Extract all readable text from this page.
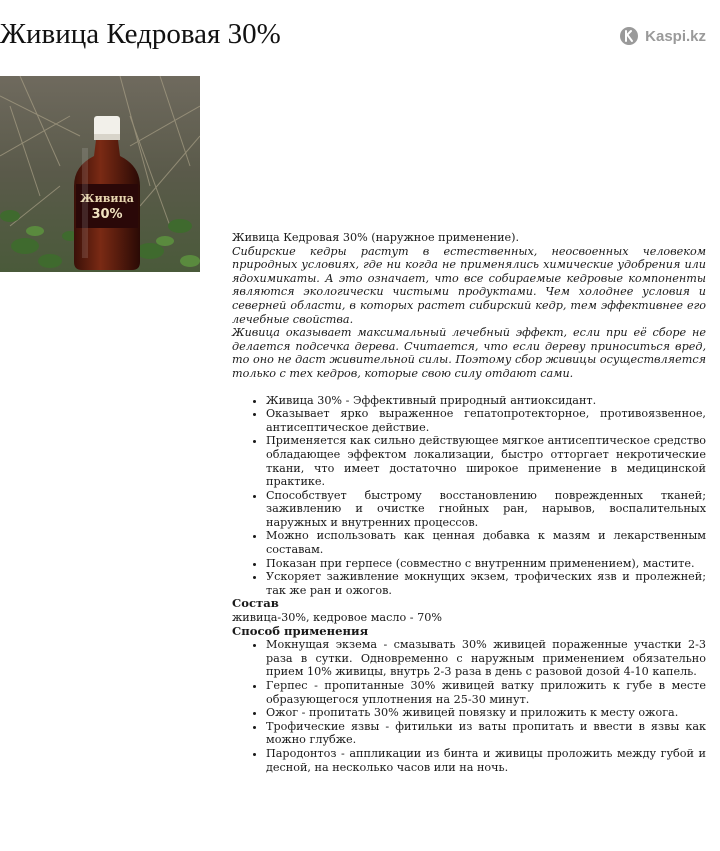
Живица Кедровая 30%	Kaspi.kz
Живица
30%

Живица Кедровая 30% (наружное применение).

Сибирские кедры растут в естественных, неосвоенных человеком природных условиях, где ни когда не применялись химические удобрения или ядохимикаты. А это означает, что все собираемые кедровые компоненты являются экологически чистыми продуктами. Чем холоднее условия и северней области, в которых растет сибирский кедр, тем эффективнее его лечебные свойства.

Живица оказывает максимальный лечебный эффект, если при её сборе не делается подсечка дерева. Считается, что если дереву приноситься вред, то оно не даст живительной силы. Поэтому сбор живицы осуществляется только с тех кедров, которые свою силу отдают сами.

• Живица 30% - Эффективный природный антиоксидант.
• Оказывает ярко выраженное гепатопротекторное, противоязвенное, антисептическое действие.
• Применяется как сильно действующее мягкое антисептическое средство обладающее эффектом локализации, быстро отторгает некротические ткани, что имеет достаточно широкое применение в медицинской практике.
• Способствует быстрому восстановлению поврежденных тканей; заживлению и очистке гнойных ран, нарывов, воспалительных наружных и внутренних процессов.
• Можно использовать как ценная добавка к мазям и лекарственным составам.
• Показан при герпесе (совместно с внутренним применением), мастите.
• Ускоряет заживление мокнущих экзем, трофических язв и пролежней; так же ран и ожогов.

Состав

живица-30%, кедровое масло - 70%

Способ применения

• Мокнущая экзема - смазывать 30% живицей пораженные участки 2-3 раза в сутки. Одновременно с наружным применением обязательно прием 10% живицы, внутрь 2-3 раза в день с разовой дозой 4-10 капель.
• Герпес - пропитанные 30% живицей ватку приложить к губе в месте образующегося уплотнения на 25-30 минут.
• Ожог - пропитать 30% живицей повязку и приложить к месту ожога.
• Трофические язвы - фитильки из ваты пропитать и ввести в язвы как можно глубже.
• Пародонтоз - аппликации из бинта и живицы проложить между губой и десной, на несколько часов или на ночь.
